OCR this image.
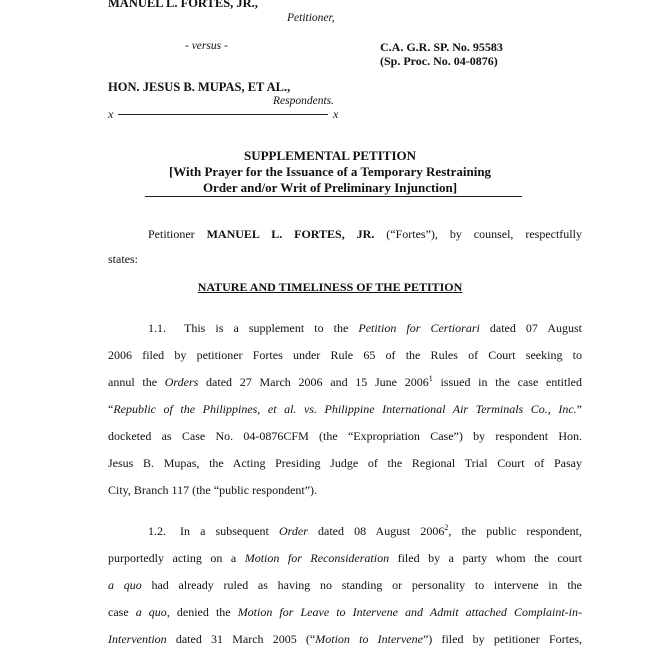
MANUEL L. FORTES, JR.,
Petitioner,
- versus -	C.A. G.R. SP. No. 95583
(Sp. Proc. No. 04-0876)
HON. JESUS B. MUPAS, ET AL.,
Respondents.
x	x
SUPPLEMENTAL PETITION
[With Prayer for the Issuance of a Temporary Restraining
Order and/or Writ of Preliminary Injunction]
Petitioner MANUEL L. FORTES, JR. (“Fortes”), by counsel, respectfully
states:
NATURE AND TIMELINESS OF THE PETITION
1.1. This is a supplement to the Petition for Certiorari dated 07 August
2006 filed by petitioner Fortes under Rule 65 of the Rules of Court seeking to
annul the Orders dated 27 March 2006 and 15 June 2006$^1$ issued in the case entitled
“Republic of the Philippines, et al. vs. Philippine International Air Terminals Co., Inc.”
docketed as Case No. 04-0876CFM (the “Expropriation Case”) by respondent Hon.
Jesus B. Mupas, the Acting Presiding Judge of the Regional Trial Court of Pasay
City, Branch 117 (the “public respondent”).
1.2. In a subsequent Order dated 08 August 2006$^2$, the public respondent,
purportedly acting on a Motion for Reconsideration filed by a party whom the court
a quo had already ruled as having no standing or personality to intervene in the
case a quo, denied the Motion for Leave to Intervene and Admit attached Complaint-in-
Intervention dated 31 March 2005 (“Motion to Intervene”) filed by petitioner Fortes,
